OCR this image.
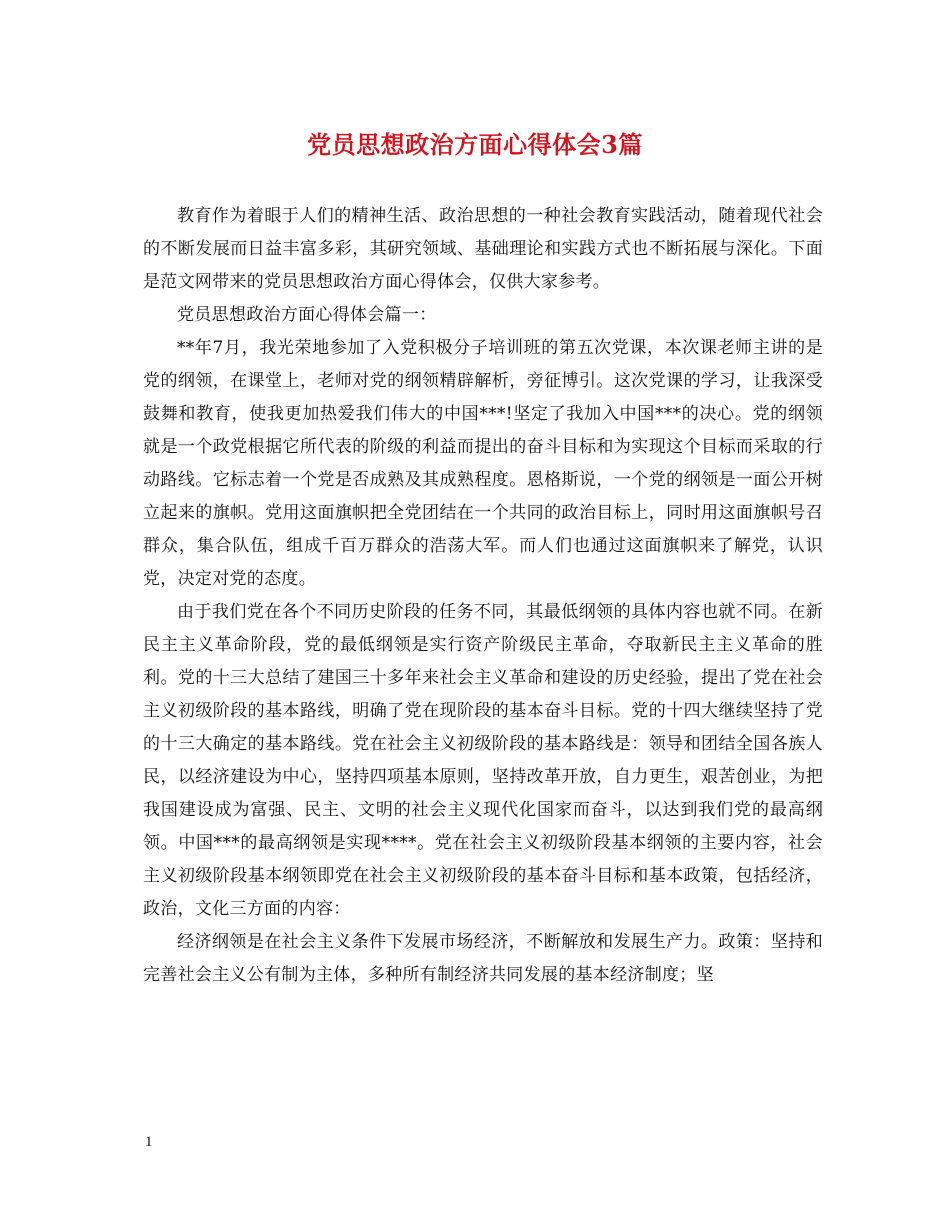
党员思想政治方面心得体会3篇

教育作为着眼于人们的精神生活、政治思想的一种社会教育实践活动，随着现代社会的不断发展而日益丰富多彩，其研究领域、基础理论和实践方式也不断拓展与深化。下面是范文网带来的党员思想政治方面心得体会，仅供大家参考。

党员思想政治方面心得体会篇一：

**年7月，我光荣地参加了入党积极分子培训班的第五次党课，本次课老师主讲的是党的纲领，在课堂上，老师对党的纲领精辟解析，旁征博引。这次党课的学习，让我深受鼓舞和教育，使我更加热爱我们伟大的中国***!坚定了我加入中国***的决心。党的纲领就是一个政党根据它所代表的阶级的利益而提出的奋斗目标和为实现这个目标而采取的行动路线。它标志着一个党是否成熟及其成熟程度。恩格斯说，一个党的纲领是一面公开树立起来的旗帜。党用这面旗帜把全党团结在一个共同的政治目标上，同时用这面旗帜号召群众，集合队伍，组成千百万群众的浩荡大军。而人们也通过这面旗帜来了解党，认识党，决定对党的态度。

由于我们党在各个不同历史阶段的任务不同，其最低纲领的具体内容也就不同。在新民主主义革命阶段，党的最低纲领是实行资产阶级民主革命，夺取新民主主义革命的胜利。党的十三大总结了建国三十多年来社会主义革命和建设的历史经验，提出了党在社会主义初级阶段的基本路线，明确了党在现阶段的基本奋斗目标。党的十四大继续坚持了党的十三大确定的基本路线。党在社会主义初级阶段的基本路线是：领导和团结全国各族人民，以经济建设为中心，坚持四项基本原则，坚持改革开放，自力更生，艰苦创业，为把我国建设成为富强、民主、文明的社会主义现代化国家而奋斗，以达到我们党的最高纲领。中国***的最高纲领是实现****。党在社会主义初级阶段基本纲领的主要内容，社会主义初级阶段基本纲领即党在社会主义初级阶段的基本奋斗目标和基本政策，包括经济，政治，文化三方面的内容：

经济纲领是在社会主义条件下发展市场经济，不断解放和发展生产力。政策：坚持和完善社会主义公有制为主体，多种所有制经济共同发展的基本经济制度；坚

1
